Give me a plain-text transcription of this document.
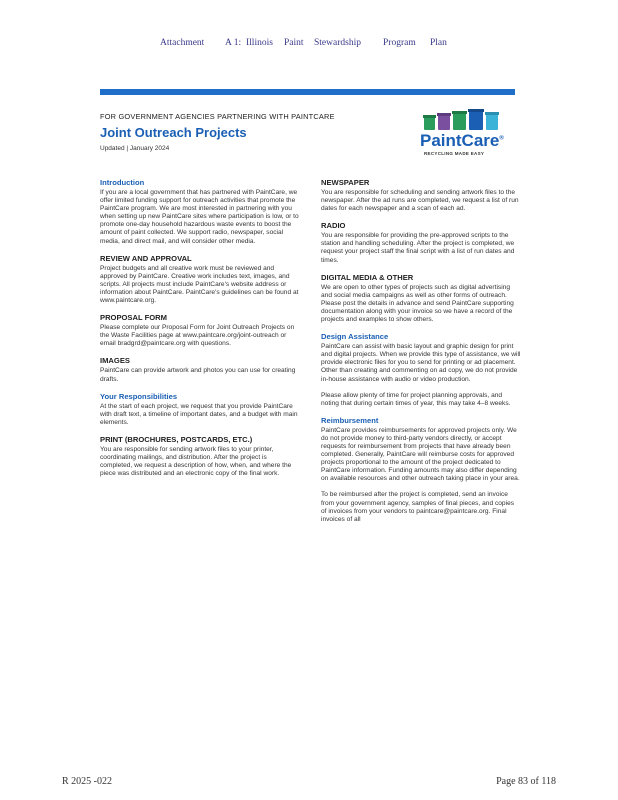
Attachment A 1: Illinois Paint Stewardship Program Plan
FOR GOVERNMENT AGENCIES PARTNERING WITH PAINTCARE
Joint Outreach Projects
Updated | January 2024	PaintCare®
RECYCLING MADE EASY
Introduction

If you are a local government that has partnered with PaintCare, we offer limited funding support for outreach activities that promote the PaintCare program. We are most interested in partnering with you when setting up new PaintCare sites where participation is low, or to promote one-day household hazardous waste events to boost the amount of paint collected. We support radio, newspaper, social media, and direct mail, and will consider other media.

REVIEW AND APPROVAL

Project budgets and all creative work must be reviewed and approved by PaintCare. Creative work includes text, images, and scripts. All projects must include PaintCare's website address or information about PaintCare. PaintCare's guidelines can be found at www.paintcare.org.

PROPOSAL FORM

Please complete our Proposal Form for Joint Outreach Projects on the Waste Facilities page at www.paintcare.org/joint-outreach or email bradgrd@paintcare.org with questions.

IMAGES

PaintCare can provide artwork and photos you can use for creating drafts.

Your Responsibilities

At the start of each project, we request that you provide PaintCare with draft text, a timeline of important dates, and a budget with main elements.

PRINT (BROCHURES, POSTCARDS, ETC.)

You are responsible for sending artwork files to your printer, coordinating mailings, and distribution. After the project is completed, we request a description of how, when, and where the piece was distributed and an electronic copy of the final work.

NEWSPAPER

You are responsible for scheduling and sending artwork files to the newspaper. After the ad runs are completed, we request a list of run dates for each newspaper and a scan of each ad.

RADIO

You are responsible for providing the pre-approved scripts to the station and handling scheduling. After the project is completed, we request your project staff the final script with a list of run dates and times.

DIGITAL MEDIA & OTHER

We are open to other types of projects such as digital advertising and social media campaigns as well as other forms of outreach. Please post the details in advance and send PaintCare supporting documentation along with your invoice so we have a record of the projects and examples to show others.

Design Assistance

PaintCare can assist with basic layout and graphic design for print and digital projects. When we provide this type of assistance, we will provide electronic files for you to send for printing or ad placement. Other than creating and commenting on ad copy, we do not provide in-house assistance with audio or video production.

Please allow plenty of time for project planning approvals, and noting that during certain times of year, this may take 4–8 weeks.

Reimbursement

PaintCare provides reimbursements for approved projects only. We do not provide money to third-party vendors directly, or accept requests for reimbursement from projects that have already been completed. Generally, PaintCare will reimburse costs for approved projects proportional to the amount of the project dedicated to PaintCare information. Funding amounts may also differ depending on available resources and other outreach taking place in your area.

To be reimbursed after the project is completed, send an invoice from your government agency, samples of final pieces, and copies of invoices from your vendors to paintcare@paintcare.org. Final invoices of all

R 2025 -022	Page 83 of 118
